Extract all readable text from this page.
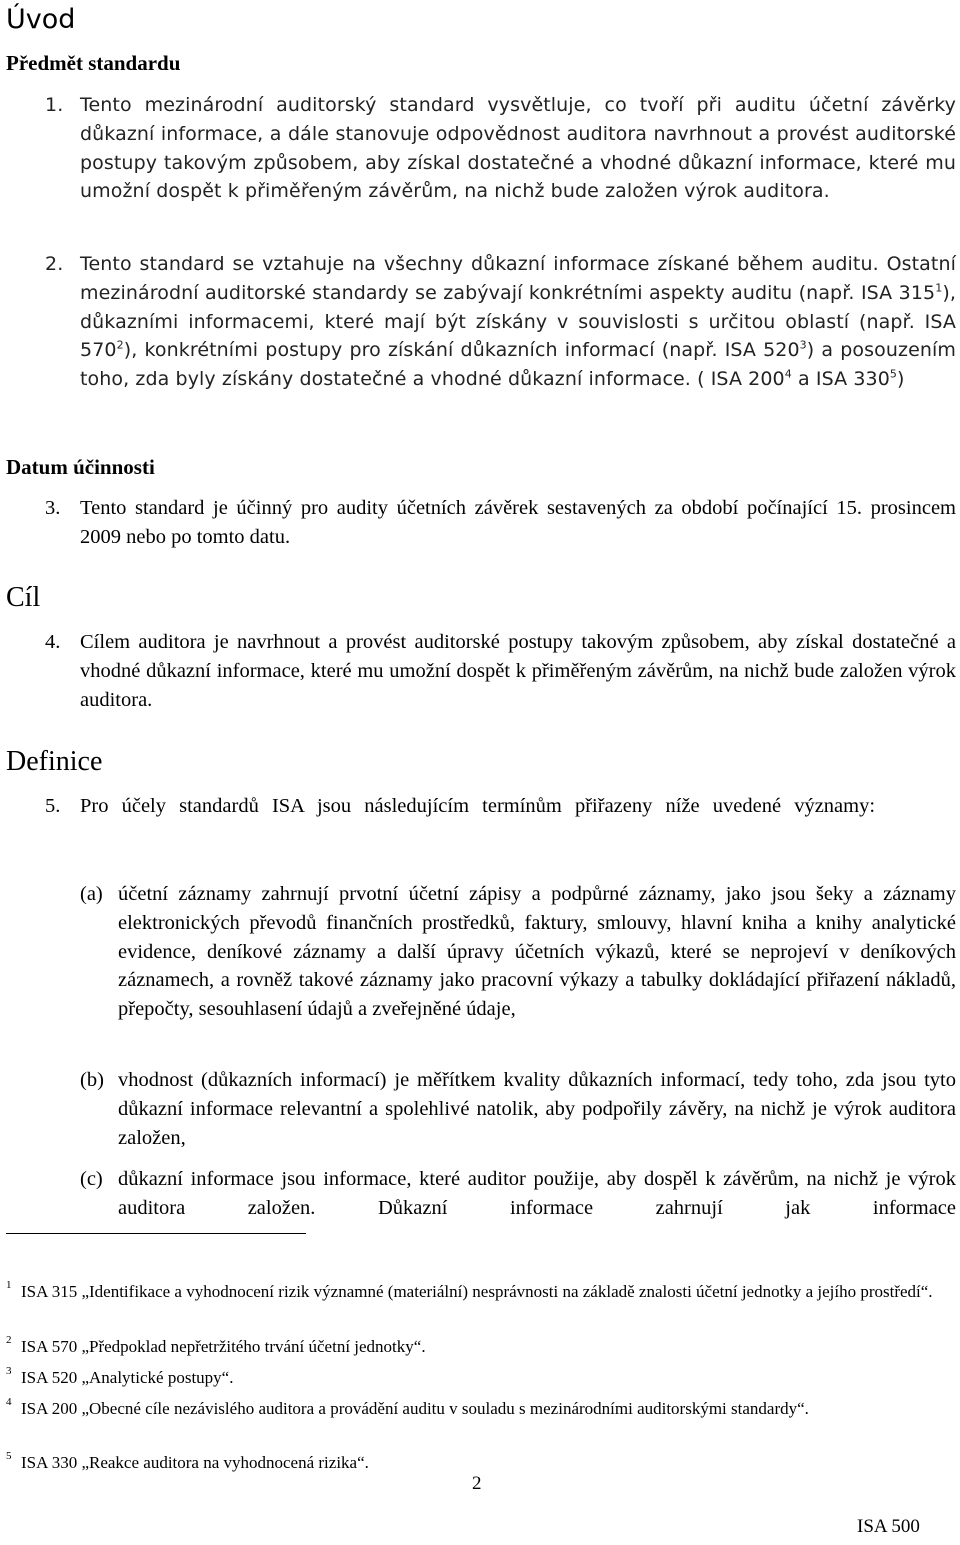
Úvod
Předmět standardu
1. Tento mezinárodní auditorský standard vysvětluje, co tvoří při auditu účetní závěrky důkazní informace, a dále stanovuje odpovědnost auditora navrhnout a provést auditorské postupy takovým způsobem, aby získal dostatečné a vhodné důkazní informace, které mu umožní dospět k přiměřeným závěrům, na nichž bude založen výrok auditora.
2. Tento standard se vztahuje na všechny důkazní informace získané během auditu. Ostatní mezinárodní auditorské standardy se zabývají konkrétními aspekty auditu (např. ISA $315^1$), důkazními informacemi, které mají být získány v souvislosti s určitou oblastí (např. ISA $570^2$), konkrétními postupy pro získání důkazních informací (např. ISA $520^3$) a posouzením toho, zda byly získány dostatečné a vhodné důkazní informace. ( ISA $200^4$ a ISA $330^5$)
Datum účinnosti
3. Tento standard je účinný pro audity účetních závěrek sestavených za období počínající 15. prosincem 2009 nebo po tomto datu.
Cíl
4. Cílem auditora je navrhnout a provést auditorské postupy takovým způsobem, aby získal dostatečné a vhodné důkazní informace, které mu umožní dospět k přiměřeným závěrům, na nichž bude založen výrok auditora.
Definice
5. Pro účely standardů ISA jsou následujícím termínům přiřazeny níže uvedené významy:
(a) účetní záznamy zahrnují prvotní účetní zápisy a podpůrné záznamy, jako jsou šeky a záznamy elektronických převodů finančních prostředků, faktury, smlouvy, hlavní kniha a knihy analytické evidence, deníkové záznamy a další úpravy účetních výkazů, které se neprojeví v deníkových záznamech, a rovněž takové záznamy jako pracovní výkazy a tabulky dokládající přiřazení nákladů, přepočty, sesouhlasení údajů a zveřejněné údaje,
(b) vhodnost (důkazních informací) je měřítkem kvality důkazních informací, tedy toho, zda jsou tyto důkazní informace relevantní a spolehlivé natolik, aby podpořily závěry, na nichž je výrok auditora založen,
(c) důkazní informace jsou informace, které auditor použije, aby dospěl k závěrům, na nichž je výrok auditora založen. Důkazní informace zahrnují jak informace
1 ISA 315 „Identifikace a vyhodnocení rizik významné (materiální) nesprávnosti na základě znalosti účetní jednotky a jejího prostředí“.
2 ISA 570 „Předpoklad nepřetržitého trvání účetní jednotky“.
3 ISA 520 „Analytické postupy“.
4 ISA 200 „Obecné cíle nezávislého auditora a provádění auditu v souladu s mezinárodními auditorskými standardy“.
5 ISA 330 „Reakce auditora na vyhodnocená rizika“.
2
ISA 500
